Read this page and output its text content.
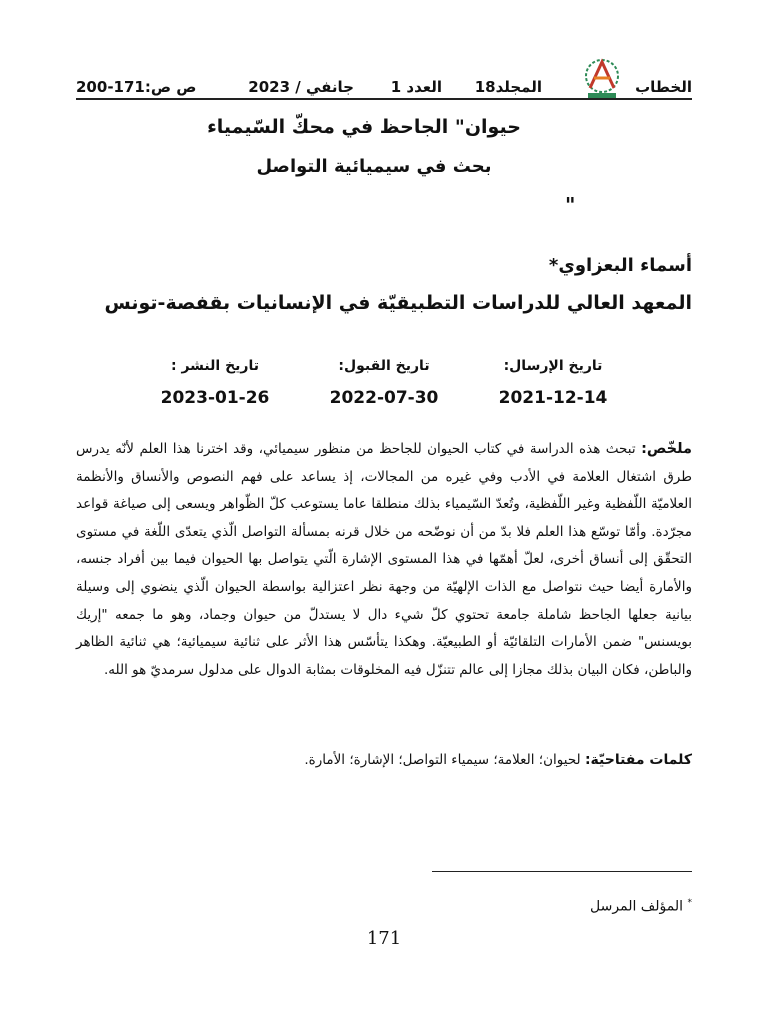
الخطاب
المجلد18
العدد 1
جانفي / 2023
ص ص:171-200
حيوان" الجاحظ في محكّ السّيمياء
بحث في سيميائية التواصل
"
أسماء البعزاوي*
المعهد العالي للدراسات التطبيقيّة في الإنسانيات بقفصة-تونس
تاريخ الإرسال:
2021-12-14
تاريخ القبول:
2022-07-30
تاريخ النشر :
2023-01-26
ملخّص: تبحث هذه الدراسة في كتاب الحيوان للجاحظ من منظور سيميائي، وقد اخترنا هذا العلم لأنّه يدرس طرق اشتغال العلامة في الأدب وفي غيره من المجالات، إذ يساعد على فهم النصوص والأنساق والأنظمة العلاميّة اللّفظية وغير اللّفظية، وتُعدّ السّيمياء بذلك منطلقا عاما يستوعب كلّ الظّواهر ويسعى إلى صياغة قواعد مجرّدة. وأمّا توسّع هذا العلم فلا بدّ من أن نوضّحه من خلال قرنه بمسألة التواصل الّذي يتعدّى اللّغة في مستوى التحقّق إلى أنساق أخرى، لعلّ أهمّها في هذا المستوى الإشارة الّتي يتواصل بها الحيوان فيما بين أفراد جنسه، والأمارة أيضا حيث نتواصل مع الذات الإلهيّة من وجهة نظر اعتزالية بواسطة الحيوان الّذي ينضوي إلى وسيلة بيانية جعلها الجاحظ شاملة جامعة تحتوي كلّ شيء دال لا يستدلّ من حيوان وجماد، وهو ما جمعه "إريك بويسنس" ضمن الأمارات التلقائيّة أو الطبيعيّة. وهكذا يتأسّس هذا الأثر على ثنائية سيميائية؛ هي ثنائية الظاهر والباطن، فكان البيان بذلك مجازا إلى عالم تتنزّل فيه المخلوقات بمثابة الدوال على مدلول سرمديّ هو الله.
كلمات مفتاحيّة: لحيوان؛ العلامة؛ سيمياء التواصل؛ الإشارة؛ الأمارة.
* المؤلف المرسل
171
